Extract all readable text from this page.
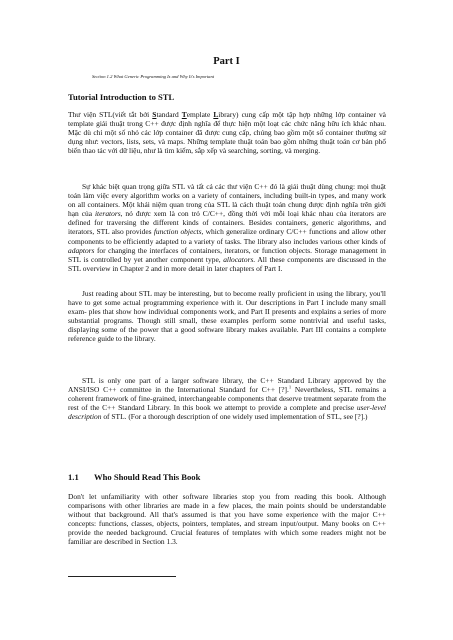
Part I
Section 1.2 What Generic Programming Is and Why It's Important
Tutorial Introduction to STL

Thư viện STL(viết tắt bởi Standard Template Library) cung cấp một tập hợp những lớp container và template giải thuật trong C++ được định nghĩa để thực hiện một loạt các chức năng hữu ích khác nhau. Mặc dù chỉ một số nhỏ các lớp container đã được cung cấp, chúng bao gồm một số container thường sử dụng như: vectors, lists, sets, và maps. Những template thuật toán bao gồm những thuật toán cơ bản phổ biến thao tác với dữ liệu, như là tìm kiếm, sắp xếp và searching, sorting, và merging.

Sự khác biệt quan trọng giữa STL và tất cả các thư viện C++ đó là giải thuật dùng chung: mọi thuật toán làm việc every algorithm works on a variety of containers, including built-in types, and many work on all containers. Một khái niệm quan trong của STL là cách thuật toán chung được định nghĩa trên giới hạn của iterators, nó được xem là con trỏ C/C++, đồng thời với mỗi loại khác nhau của iterators are defined for traversing the different kinds of containers. Besides containers, generic algorithms, and iterators, STL also provides function objects, which generalize ordinary C/C++ functions and allow other components to be efficiently adapted to a variety of tasks. The library also includes various other kinds of adaptors for changing the interfaces of containers, iterators, or function objects. Storage management in STL is controlled by yet another component type, allocators. All these components are discussed in the STL overview in Chapter 2 and in more detail in later chapters of Part I.

Just reading about STL may be interesting, but to become really proficient in using the library, you'll have to get some actual programming experience with it. Our descriptions in Part I include many small exam- ples that show how individual components work, and Part II presents and explains a series of more substantial programs. Though still small, these examples perform some nontrivial and useful tasks, displaying some of the power that a good software library makes available. Part III contains a complete reference guide to the library.

STL is only one part of a larger software library, the C++ Standard Library approved by the ANSI/ISO C++ committee in the International Standard for C++ [?].$^1$ Nevertheless, STL remains a coherent framework of fine-grained, interchangeable components that deserve treatment separate from the rest of the C++ Standard Library. In this book we attempt to provide a complete and precise user-level description of STL. (For a thorough description of one widely used implementation of STL, see [?].)

1.1 Who Should Read This Book

Don't let unfamiliarity with other software libraries stop you from reading this book. Although comparisons with other libraries are made in a few places, the main points should be understandable without that background. All that's assumed is that you have some experience with the major C++ concepts: functions, classes, objects, pointers, templates, and stream input/output. Many books on C++ provide the needed background. Crucial features of templates with which some readers might not be familiar are described in Section 1.3.
